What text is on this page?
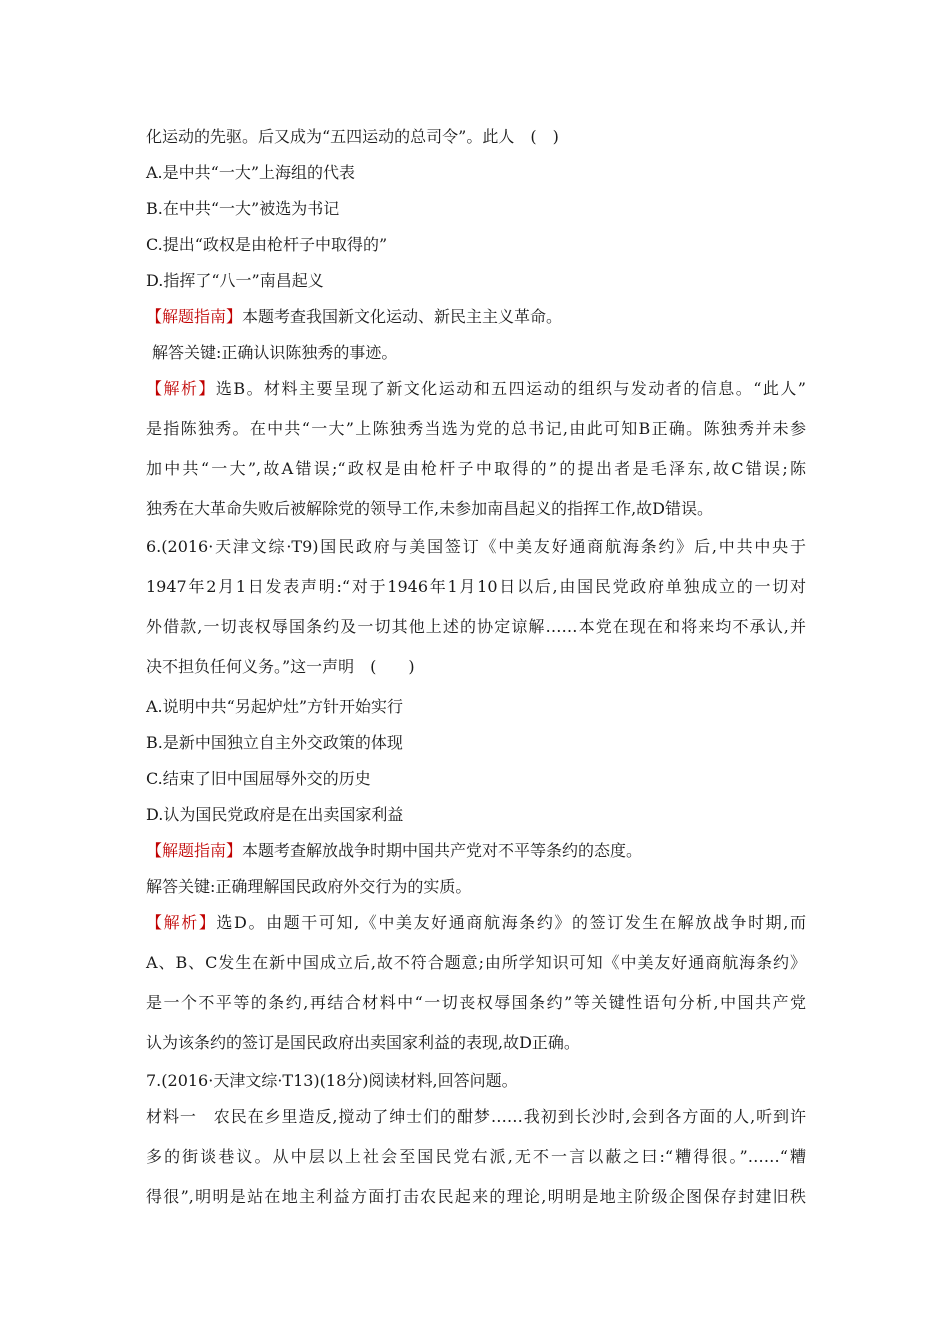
化运动的先驱。后又成为“五四运动的总司令”。此人　(　)
A.是中共“一大”上海组的代表
B.在中共“一大”被选为书记
C.提出“政权是由枪杆子中取得的”
D.指挥了“八一”南昌起义
【解题指南】本题考查我国新文化运动、新民主主义革命。
解答关键:正确认识陈独秀的事迹。
【解析】选B。材料主要呈现了新文化运动和五四运动的组织与发动者的信息。“此人”
是指陈独秀。在中共“一大”上陈独秀当选为党的总书记,由此可知B正确。陈独秀并未参
加中共“一大”,故A错误;“政权是由枪杆子中取得的”的提出者是毛泽东,故C错误;陈
独秀在大革命失败后被解除党的领导工作,未参加南昌起义的指挥工作,故D错误。
6.(2016·天津文综·T9)国民政府与美国签订《中美友好通商航海条约》后,中共中央于
1947年2月1日发表声明:“对于1946年1月10日以后,由国民党政府单独成立的一切对
外借款,一切丧权辱国条约及一切其他上述的协定谅解……本党在现在和将来均不承认,并
决不担负任何义务。”这一声明　(　　)
A.说明中共“另起炉灶”方针开始实行
B.是新中国独立自主外交政策的体现
C.结束了旧中国屈辱外交的历史
D.认为国民党政府是在出卖国家利益
【解题指南】本题考查解放战争时期中国共产党对不平等条约的态度。
解答关键:正确理解国民政府外交行为的实质。
【解析】选D。由题干可知,《中美友好通商航海条约》的签订发生在解放战争时期,而
A、B、C发生在新中国成立后,故不符合题意;由所学知识可知《中美友好通商航海条约》
是一个不平等的条约,再结合材料中“一切丧权辱国条约”等关键性语句分析,中国共产党
认为该条约的签订是国民政府出卖国家利益的表现,故D正确。
7.(2016·天津文综·T13)(18分)阅读材料,回答问题。
材料一　农民在乡里造反,搅动了绅士们的酣梦……我初到长沙时,会到各方面的人,听到许
多的街谈巷议。从中层以上社会至国民党右派,无不一言以蔽之曰:“糟得很。”……“糟
得很”,明明是站在地主利益方面打击农民起来的理论,明明是地主阶级企图保存封建旧秩
